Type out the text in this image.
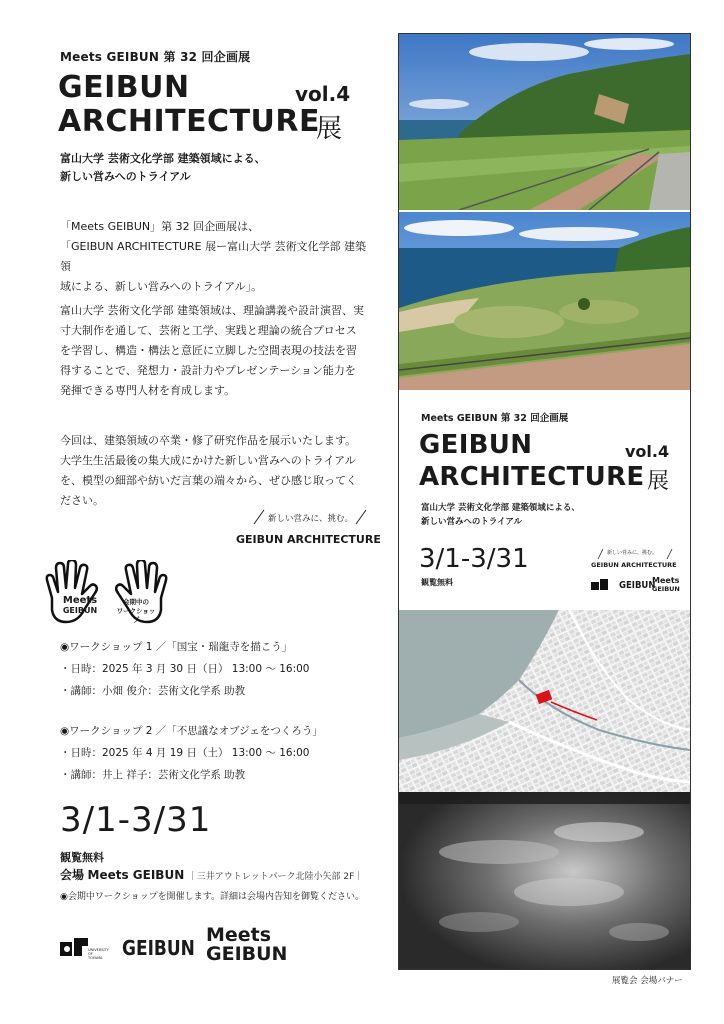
Meets GEIBUN 第 32 回企画展
GEIBUN	vol.4
ARCHITECTURE
展
富山大学 芸術文化学部 建築領域による、
新しい営みへのトライアル
「Meets GEIBUN」第 32 回企画展は、
「GEIBUN ARCHITECTURE 展ー富山大学 芸術文化学部 建築領
域による、新しい営みへのトライアル」。
富山大学 芸術文化学部 建築領域は、理論講義や設計演習、実
寸大制作を通して、芸術と工学、実践と理論の統合プロセス
を学習し、構造・構法と意匠に立脚した空間表現の技法を習
得することで、発想力・設計力やプレゼンテーション能力を
発揮できる専門人材を育成します。
今回は、建築領域の卒業・修了研究作品を展示いたします。
大学生生活最後の集大成にかけた新しい営みへのトライアル
を、模型の細部や紡いだ言葉の端々から、ぜひ感じ取ってく
ださい。
新しい営みに、挑む。
GEIBUN ARCHITECTURE
Meets
GEIBUN
会期中の
ワークショップ
◉ワークショップ 1 ／「国宝・瑞龍寺を描こう」
・日時：2025 年 3 月 30 日（日） 13:00 ～ 16:00
・講師：小畑 俊介：芸術文化学系 助教
◉ワークショップ 2 ／「不思議なオブジェをつくろう」
・日時：2025 年 4 月 19 日（土） 13:00 ～ 16:00
・講師：井上 祥子：芸術文化学系 助教
3/1-3/31
観覧無料
会場 Meets GEIBUN ｜三井アウトレットパーク北陸小矢部 2F｜
◉会期中ワークショップを開催します。詳細は会場内告知を御覧ください。
UNIVERSITY OF TOYAMA GEIBUN
Meets
GEIBUN
Meets GEIBUN 第 32 回企画展
GEIBUN	vol.4
ARCHITECTURE 展
富山大学 芸術文化学部 建築領域による、
新しい営みへのトライアル
3/1-3/31
観覧無料
新しい営みに、挑む。
GEIBUN ARCHITECTURE
GEIBUN
Meets
GEIBUN
展覧会 会場バナー
